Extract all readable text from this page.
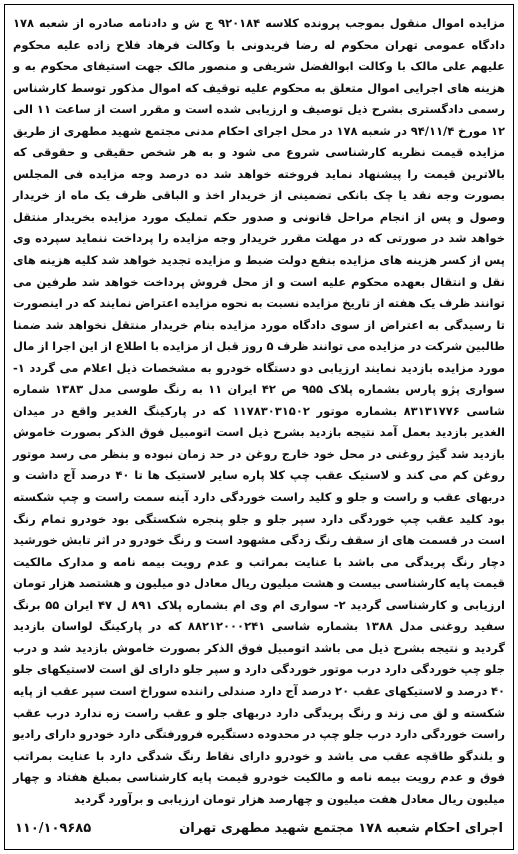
مزایده اموال منقول بموجب پرونده کلاسه ۹۲۰۱۸۴ ج ش و دادنامه صادره از شعبه ۱۷۸ دادگاه عمومی تهران محکوم له رضا فریدونی با وکالت فرهاد فلاح زاده علیه محکوم علیهم علی مالک با وکالت ابوالفضل شریفی و منصور مالک جهت استیفای محکوم به و هزینه های اجرایی اموال متعلق به محکوم علیه توقیف که اموال مذکور توسط کارشناس رسمی دادگستری بشرح ذیل توصیف و ارزیابی شده است و مقرر است از ساعت ۱۱ الی ۱۲ مورخ ۹۴/۱۱/۴ در شعبه ۱۷۸ در محل اجرای احکام مدنی مجتمع شهید مطهری از طریق مزایده قیمت نظریه کارشناسی شروع می شود و به هر شخص حقیقی و حقوقی که بالاترین قیمت را پیشنهاد نماید فروخته خواهد شد ده درصد وجه مزایده فی المجلس بصورت وجه نقد یا چک بانکی تضمینی از خریدار اخذ و الباقی ظرف یک ماه از خریدار وصول و پس از انجام مراحل قانونی و صدور حکم تملیک مورد مزایده بخریدار منتقل خواهد شد در صورتی که در مهلت مقرر خریدار وجه مزایده را پرداخت ننماید سپرده وی پس از کسر هزینه های مزایده بنفع دولت ضبط و مزایده تجدید خواهد شد کلیه هزینه های نقل و انتقال بعهده محکوم علیه است و از محل فروش پرداخت خواهد شد طرفین می توانند ظرف یک هفته از تاریخ مزایده نسبت به نحوه مزایده اعتراض نمایند که در اینصورت تا رسیدگی به اعتراض از سوی دادگاه مورد مزایده بنام خریدار منتقل نخواهد شد ضمنا طالبین شرکت در مزایده می توانند ظرف ۵ روز قبل از مزایده با اطلاع از این اجرا از مال مورد مزایده بازدید نمایند ارزیابی دو دستگاه خودرو به مشخصات ذیل اعلام می گردد ۱- سواری پژو پارس بشماره پلاک ۹۵۵ ص ۴۲ ایران ۱۱ به رنگ طوسی مدل ۱۳۸۳ شماره شاسی ۸۳۱۳۱۷۷۶ بشماره موتور ۱۱۷۸۳۰۳۱۵۰۲ که در پارکینگ الغدیر واقع در میدان الغدیر بازدید بعمل آمد نتیجه بازدید بشرح ذیل است اتومبیل فوق الذکر بصورت خاموش بازدید شد گیژ روغنی در محل خود خارج روغن در حد زمان نبوده و بنظر می رسد موتور روغن کم می کند و لاستیک عقب چپ کلا پاره سایر لاستیک ها تا ۴۰ درصد آج داشت و دربهای عقب و راست و جلو و کلید راست خوردگی دارد آینه سمت راست و چپ شکسته بود کلید عقب چپ خوردگی دارد سپر جلو و جلو پنجره شکستگی بود خودرو تمام رنگ است در قسمت های از سقف رنگ زدگی مشهود است و رنگ خودرو در اثر تابش خورشید دچار رنگ پریدگی می باشد با عنایت بمراتب و عدم رویت بیمه نامه و مدارک مالکیت قیمت پایه کارشناسی بیست و هشت میلیون ریال معادل دو میلیون و هشتصد هزار تومان ارزیابی و کارشناسی گردید ۲- سواری ام وی ام بشماره پلاک ۸۹۱ ل ۴۷ ایران ۵۵ برنگ سفید روغنی مدل ۱۳۸۸ بشماره شاسی ۸۸۲۱۲۰۰۰۲۴۱ که در پارکینگ لواسان بازدید گردید و نتیجه بشرح ذیل می باشد اتومبیل فوق الذکر بصورت خاموش بازدید شد و درب جلو چپ خوردگی دارد درب موتور خوردگی دارد و سپر جلو دارای لق است لاستیکهای جلو ۴۰ درصد و لاستیکهای عقب ۲۰ درصد آج دارد صندلی راننده سوراخ است سپر عقب از پایه شکسته و لق می زند و رنگ پریدگی دارد دربهای جلو و عقب راست زه ندارد درب عقب راست خوردگی دارد درب جلو چپ در محدوده دستگیره فرورفتگی دارد خودرو دارای رادیو و بلندگو طاقچه عقب می باشد و خودرو دارای نقاط رنگ شدگی دارد با عنایت بمراتب فوق و عدم رویت بیمه نامه و مالکیت خودرو قیمت پایه کارشناسی بمبلغ هفتاد و چهار میلیون ریال معادل هفت میلیون و چهارصد هزار تومان ارزیابی و برآورد گردید

اجرای احکام شعبه ۱۷۸ مجتمع شهید مطهری تهران
۱۱۰/۱۰۹۶۸۵
